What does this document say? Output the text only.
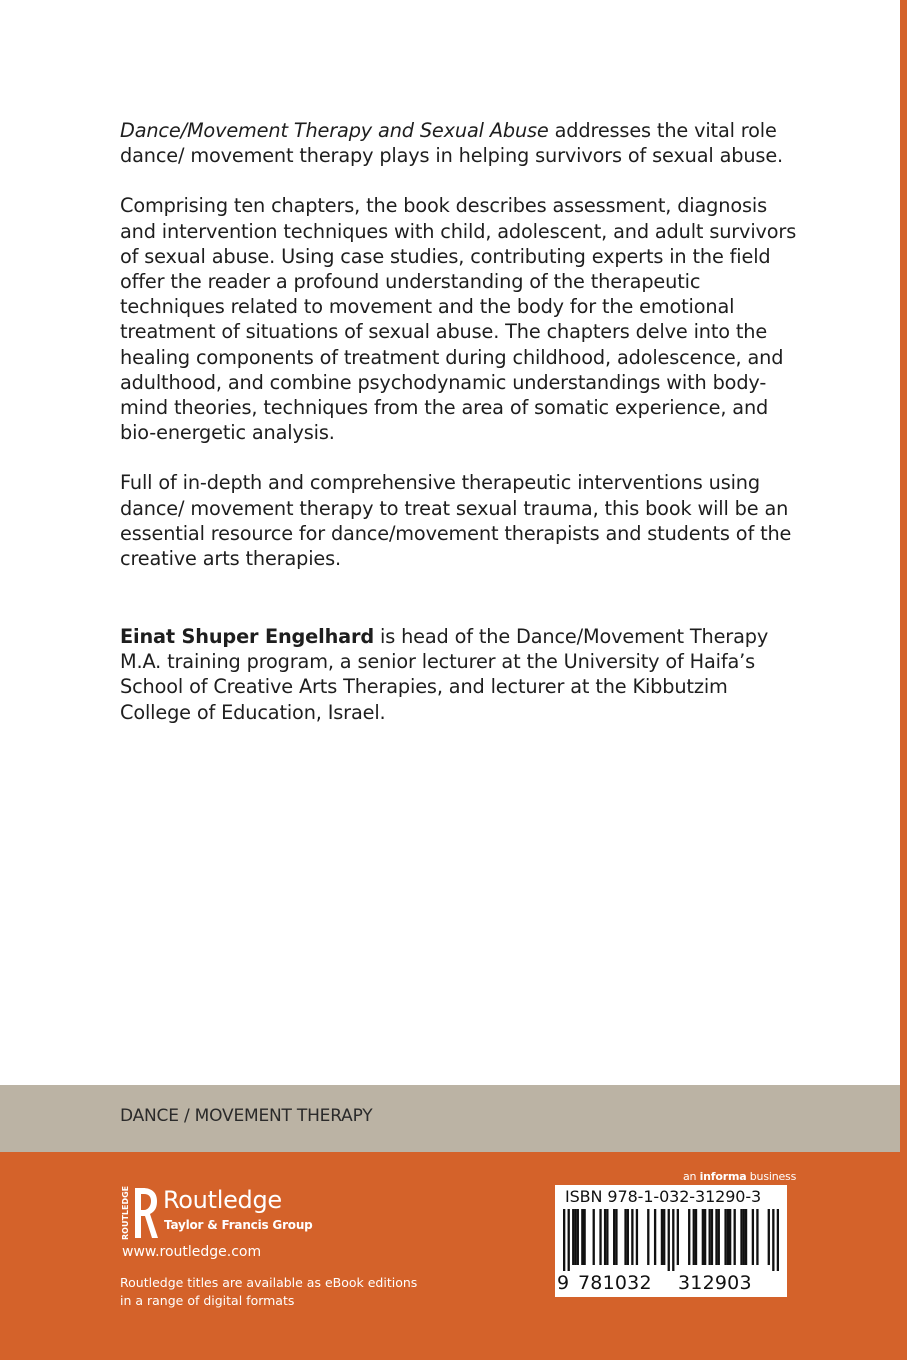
Dance/Movement Therapy and Sexual Abuse addresses the vital role dance/ movement therapy plays in helping survivors of sexual abuse.

Comprising ten chapters, the book describes assessment, diagnosis and intervention techniques with child, adolescent, and adult survivors of sexual abuse. Using case studies, contributing experts in the field offer the reader a profound understanding of the therapeutic techniques related to movement and the body for the emotional treatment of situations of sexual abuse. The chapters delve into the healing components of treatment during childhood, adolescence, and adulthood, and combine psychodynamic understandings with body-mind theories, techniques from the area of somatic experience, and bio-energetic analysis.

Full of in-depth and comprehensive therapeutic interventions using dance/ movement therapy to treat sexual trauma, this book will be an essential resource for dance/movement therapists and students of the creative arts therapies.

Einat Shuper Engelhard is head of the Dance/Movement Therapy M.A. training program, a senior lecturer at the University of Haifa’s School of Creative Arts Therapies, and lecturer at the Kibbutzim College of Education, Israel.

DANCE / MOVEMENT THERAPY
ROUTLEDGE Routledge
Taylor & Francis Group
www.routledge.com
Routledge titles are available as eBook editions
in a range of digital formats
an informa business
ISBN 978-1-032-31290-3
9 781032 312903
